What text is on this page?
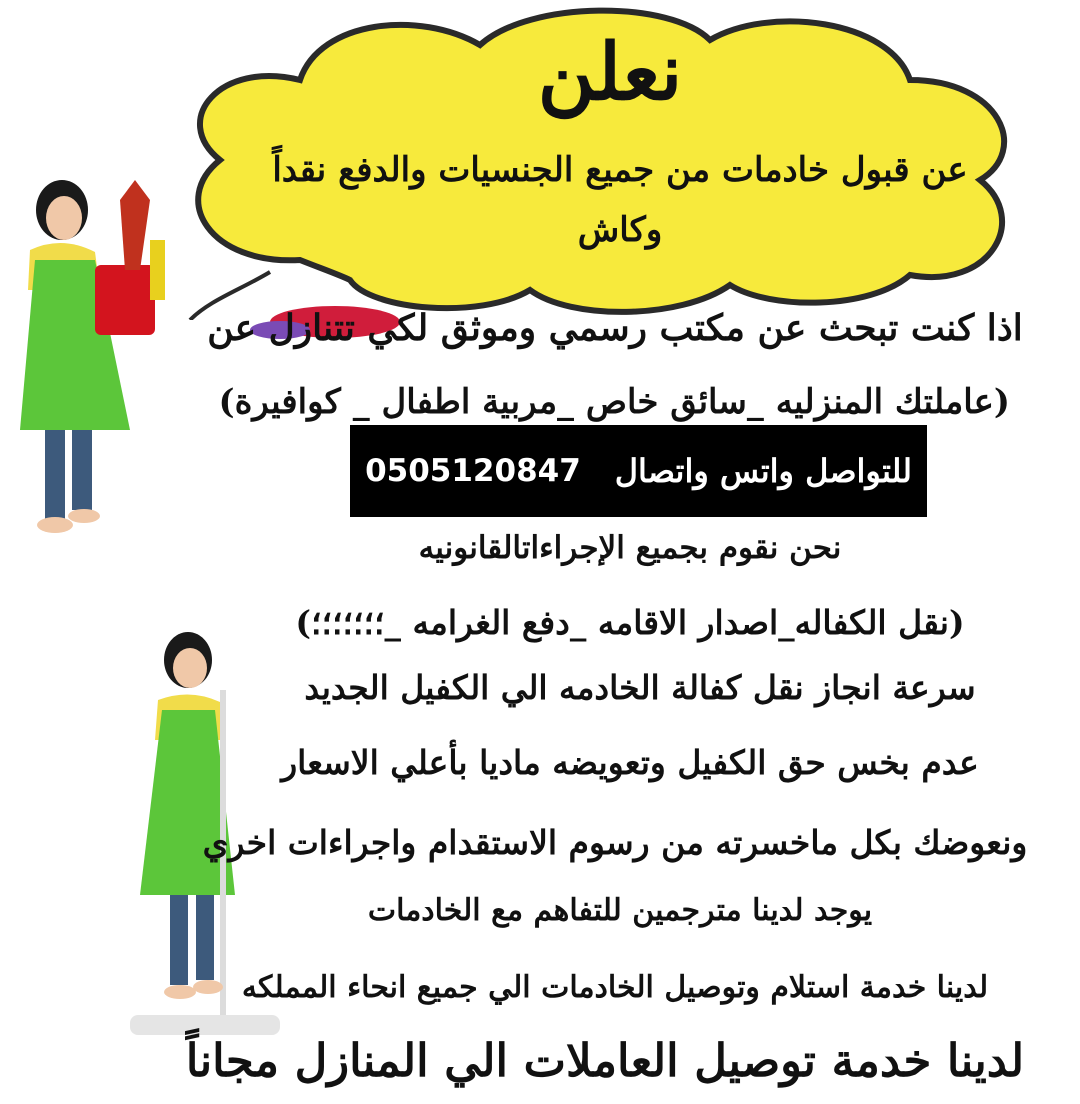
نعلن
عن قبول خادمات من جميع الجنسيات والدفع نقداً وكاش
اذا كنت تبحث عن مكتب رسمي وموثق لكي تتنازل عن
(عاملتك المنزليه _سائق خاص _مربية اطفال _ كوافيرة)
للتواصل واتس واتصال
0505120847
نحن نقوم بجميع الإجراءاتالقانونيه
(نقل الكفاله_اصدار الاقامه _دفع الغرامه _؛؛؛؛؛؛؛)
سرعة انجاز نقل كفالة الخادمه الي الكفيل الجديد
عدم بخس حق الكفيل وتعويضه ماديا بأعلي الاسعار
ونعوضك بكل ماخسرته من رسوم الاستقدام واجراءات اخري
يوجد لدينا مترجمين للتفاهم مع الخادمات
لدينا خدمة استلام وتوصيل الخادمات الي جميع انحاء المملكه
لدينا خدمة توصيل العاملات الي المنازل مجاناً
